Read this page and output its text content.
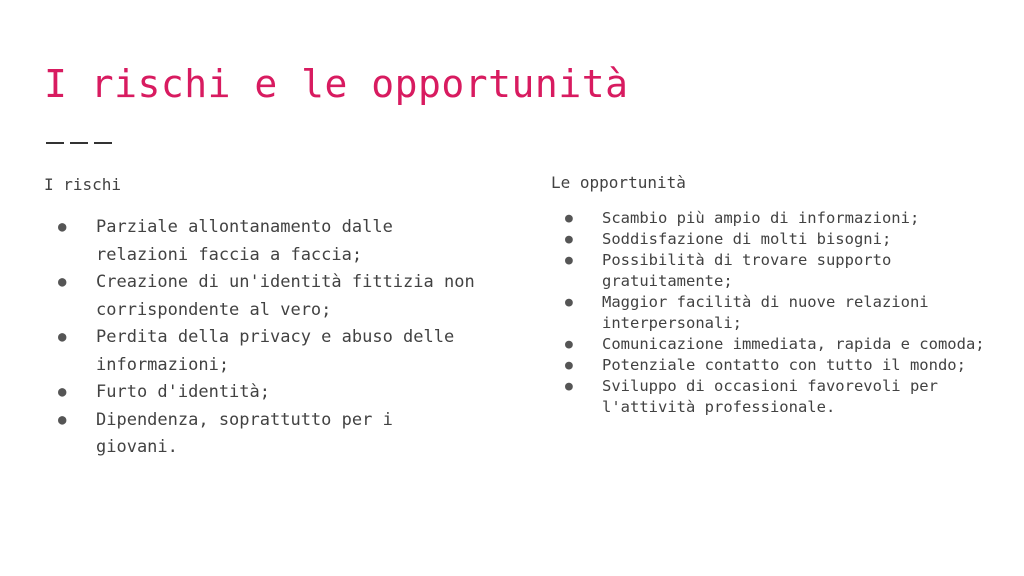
I rischi e le opportunità
I rischi
● Parziale allontanamento dalle relazioni faccia a faccia;
● Creazione di un'identità fittizia non corrispondente al vero;
● Perdita della privacy e abuso delle informazioni;
● Furto d'identità;
● Dipendenza, soprattutto per i giovani.
Le opportunità
● Scambio più ampio di informazioni;
● Soddisfazione di molti bisogni;
● Possibilità di trovare supporto gratuitamente;
● Maggior facilità di nuove relazioni interpersonali;
● Comunicazione immediata, rapida e comoda;
● Potenziale contatto con tutto il mondo;
● Sviluppo di occasioni favorevoli per l'attività professionale.
